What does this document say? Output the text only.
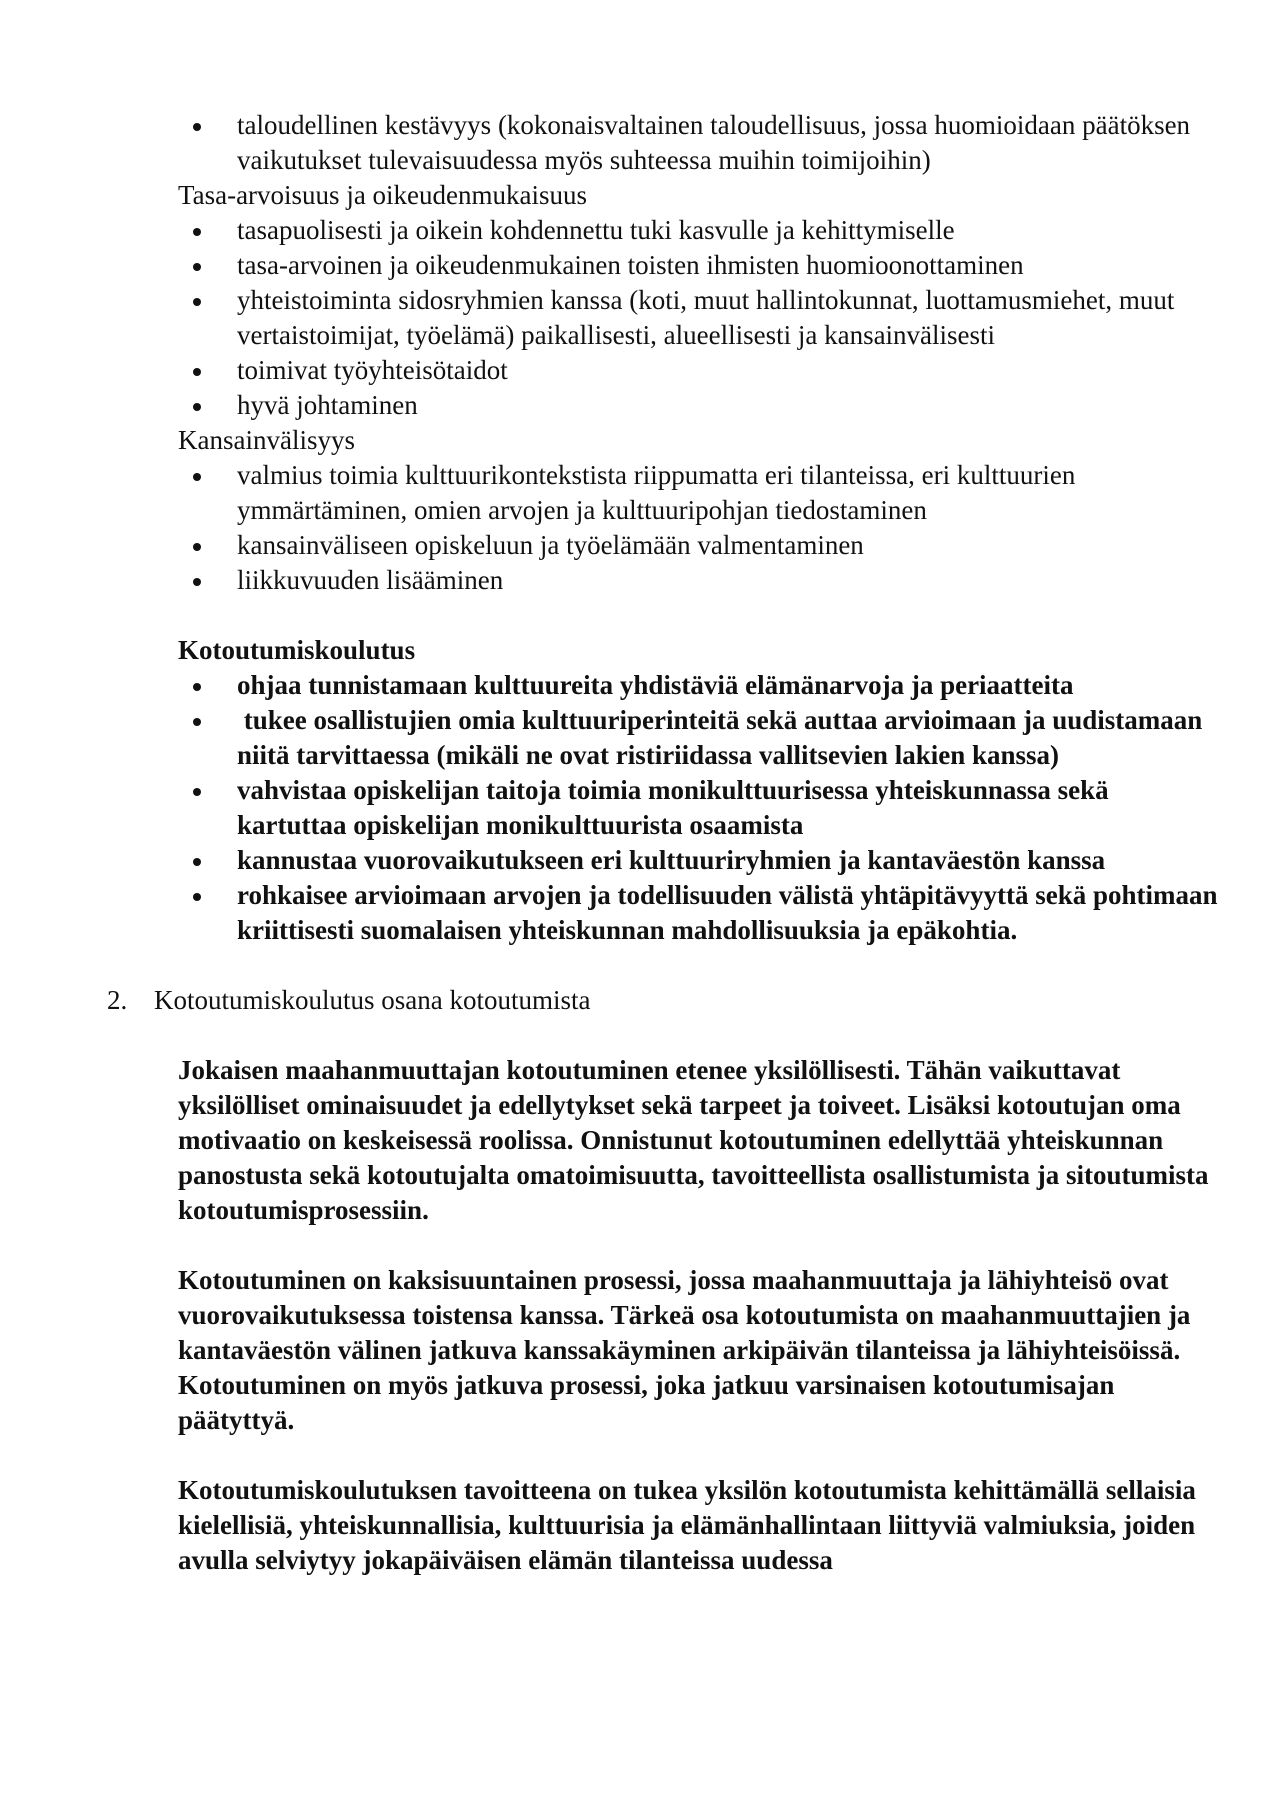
taloudellinen kestävyys (kokonaisvaltainen taloudellisuus, jossa huomioidaan päätöksen vaikutukset tulevaisuudessa myös suhteessa muihin toimijoihin)

Tasa-arvoisuus ja oikeudenmukaisuus

tasapuolisesti ja oikein kohdennettu tuki kasvulle ja kehittymiselle
tasa-arvoinen ja oikeudenmukainen toisten ihmisten huomioonottaminen
yhteistoiminta sidosryhmien kanssa (koti, muut hallintokunnat, luottamusmiehet, muut vertaistoimijat, työelämä) paikallisesti, alueellisesti ja kansainvälisesti
toimivat työyhteisötaidot
hyvä johtaminen

Kansainvälisyys

valmius toimia kulttuurikontekstista riippumatta eri tilanteissa, eri kulttuurien ymmärtäminen, omien arvojen ja kulttuuripohjan tiedostaminen
kansainväliseen opiskeluun ja työelämään valmentaminen
liikkuvuuden lisääminen

Kotoutumiskoulutus

ohjaa tunnistamaan kulttuureita yhdistäviä elämänarvoja ja periaatteita
tukee osallistujien omia kulttuuriperinteitä sekä auttaa arvioimaan ja uudistamaan niitä tarvittaessa (mikäli ne ovat ristiriidassa vallitsevien lakien kanssa)
vahvistaa opiskelijan taitoja toimia monikulttuurisessa yhteiskunnassa sekä kartuttaa opiskelijan monikulttuurista osaamista
kannustaa vuorovaikutukseen eri kulttuuriryhmien ja kantaväestön kanssa
rohkaisee arvioimaan arvojen ja todellisuuden välistä yhtäpitävyyttä sekä pohtimaan kriittisesti suomalaisen yhteiskunnan mahdollisuuksia ja epäkohtia.
2. Kotoutumiskoulutus osana kotoutumista

Jokaisen maahanmuuttajan kotoutuminen etenee yksilöllisesti. Tähän vaikuttavat yksilölliset ominaisuudet ja edellytykset sekä tarpeet ja toiveet. Lisäksi kotoutujan oma motivaatio on keskeisessä roolissa. Onnistunut kotoutuminen edellyttää yhteiskunnan panostusta sekä kotoutujalta omatoimisuutta, tavoitteellista osallistumista ja sitoutumista kotoutumisprosessiin.

Kotoutuminen on kaksisuuntainen prosessi, jossa maahanmuuttaja ja lähiyhteisö ovat vuorovaikutuksessa toistensa kanssa. Tärkeä osa kotoutumista on maahanmuuttajien ja kantaväestön välinen jatkuva kanssakäyminen arkipäivän tilanteissa ja lähiyhteisöissä. Kotoutuminen on myös jatkuva prosessi, joka jatkuu varsinaisen kotoutumisajan päätyttyä.

Kotoutumiskoulutuksen tavoitteena on tukea yksilön kotoutumista kehittämällä sellaisia kielellisiä, yhteiskunnallisia, kulttuurisia ja elämänhallintaan liittyviä valmiuksia, joiden avulla selviytyy jokapäiväisen elämän tilanteissa uudessa
